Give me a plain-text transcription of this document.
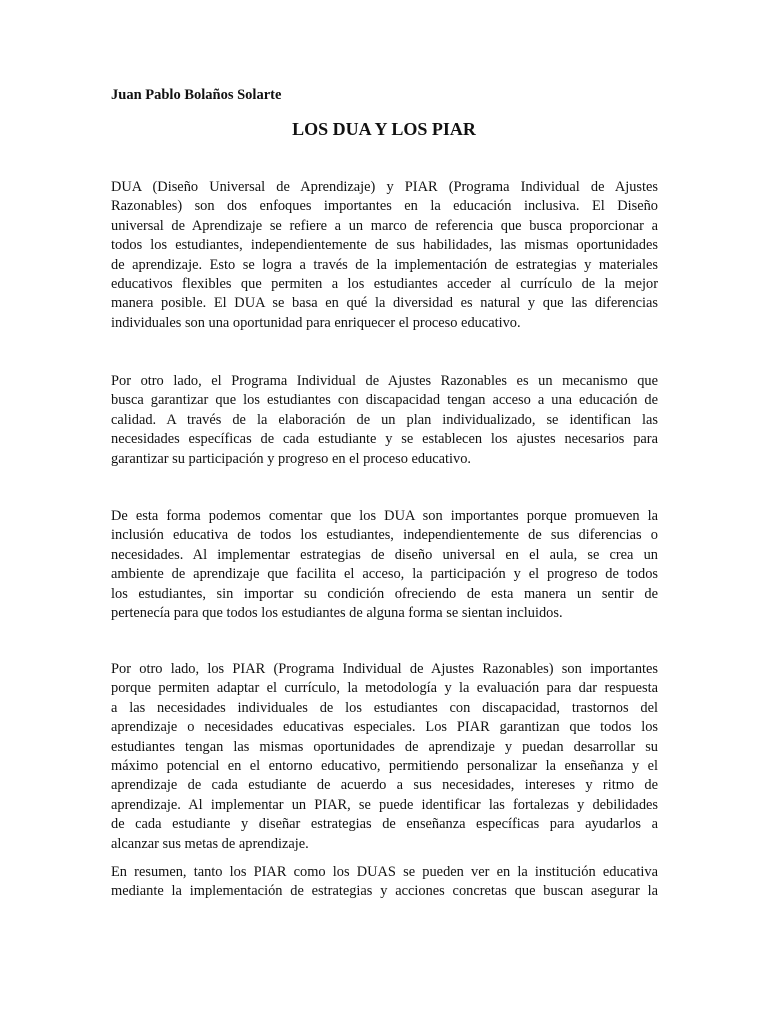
Juan Pablo Bolaños Solarte
LOS DUA Y LOS PIAR
DUA (Diseño Universal de Aprendizaje) y PIAR (Programa Individual de Ajustes
Razonables) son dos enfoques importantes en la educación inclusiva. El Diseño
universal de Aprendizaje se refiere a un marco de referencia que busca proporcionar a
todos los estudiantes, independientemente de sus habilidades, las mismas oportunidades
de aprendizaje. Esto se logra a través de la implementación de estrategias y materiales
educativos flexibles que permiten a los estudiantes acceder al currículo de la mejor
manera posible. El DUA se basa en qué la diversidad es natural y que las diferencias
individuales son una oportunidad para enriquecer el proceso educativo.
Por otro lado, el Programa Individual de Ajustes Razonables es un mecanismo que
busca garantizar que los estudiantes con discapacidad tengan acceso a una educación de
calidad. A través de la elaboración de un plan individualizado, se identifican las
necesidades específicas de cada estudiante y se establecen los ajustes necesarios para
garantizar su participación y progreso en el proceso educativo.
De esta forma podemos comentar que los DUA son importantes porque promueven la
inclusión educativa de todos los estudiantes, independientemente de sus diferencias o
necesidades. Al implementar estrategias de diseño universal en el aula, se crea un
ambiente de aprendizaje que facilita el acceso, la participación y el progreso de todos
los estudiantes, sin importar su condición ofreciendo de esta manera un sentir de
pertenecía para que todos los estudiantes de alguna forma se sientan incluidos.
Por otro lado, los PIAR (Programa Individual de Ajustes Razonables) son importantes
porque permiten adaptar el currículo, la metodología y la evaluación para dar respuesta
a las necesidades individuales de los estudiantes con discapacidad, trastornos del
aprendizaje o necesidades educativas especiales. Los PIAR garantizan que todos los
estudiantes tengan las mismas oportunidades de aprendizaje y puedan desarrollar su
máximo potencial en el entorno educativo, permitiendo personalizar la enseñanza y el
aprendizaje de cada estudiante de acuerdo a sus necesidades, intereses y ritmo de
aprendizaje. Al implementar un PIAR, se puede identificar las fortalezas y debilidades
de cada estudiante y diseñar estrategias de enseñanza específicas para ayudarlos a
alcanzar sus metas de aprendizaje.
En resumen, tanto los PIAR como los DUAS se pueden ver en la institución educativa
mediante la implementación de estrategias y acciones concretas que buscan asegurar la
